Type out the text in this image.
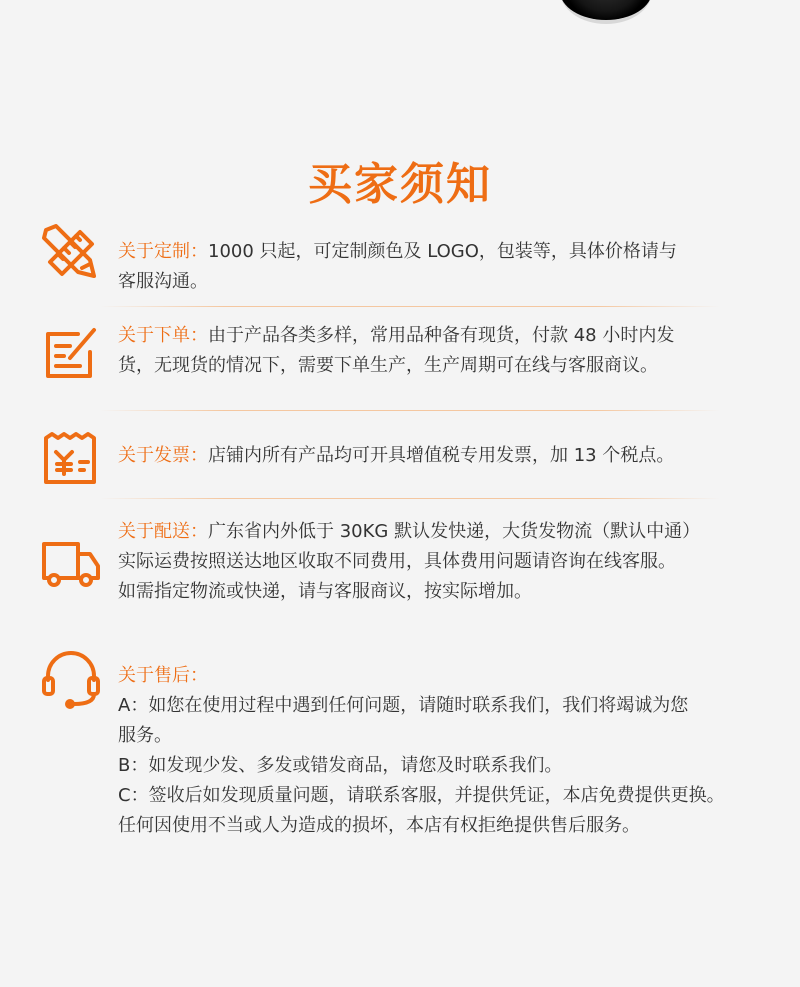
买家须知

关于定制：1000 只起，可定制颜色及 LOGO，包装等，具体价格请与

客服沟通。

关于下单：由于产品各类多样，常用品种备有现货，付款 48 小时内发

货，无现货的情况下，需要下单生产，生产周期可在线与客服商议。

关于发票：店铺内所有产品均可开具增值税专用发票，加 13 个税点。

关于配送：广东省内外低于 30KG 默认发快递，大货发物流（默认中通）

实际运费按照送达地区收取不同费用，具体费用问题请咨询在线客服。

如需指定物流或快递，请与客服商议，按实际增加。

关于售后：

A：如您在使用过程中遇到任何问题，请随时联系我们，我们将竭诚为您

服务。

B：如发现少发、多发或错发商品，请您及时联系我们。

C：签收后如发现质量问题，请联系客服，并提供凭证，本店免费提供更换。

任何因使用不当或人为造成的损坏，本店有权拒绝提供售后服务。
